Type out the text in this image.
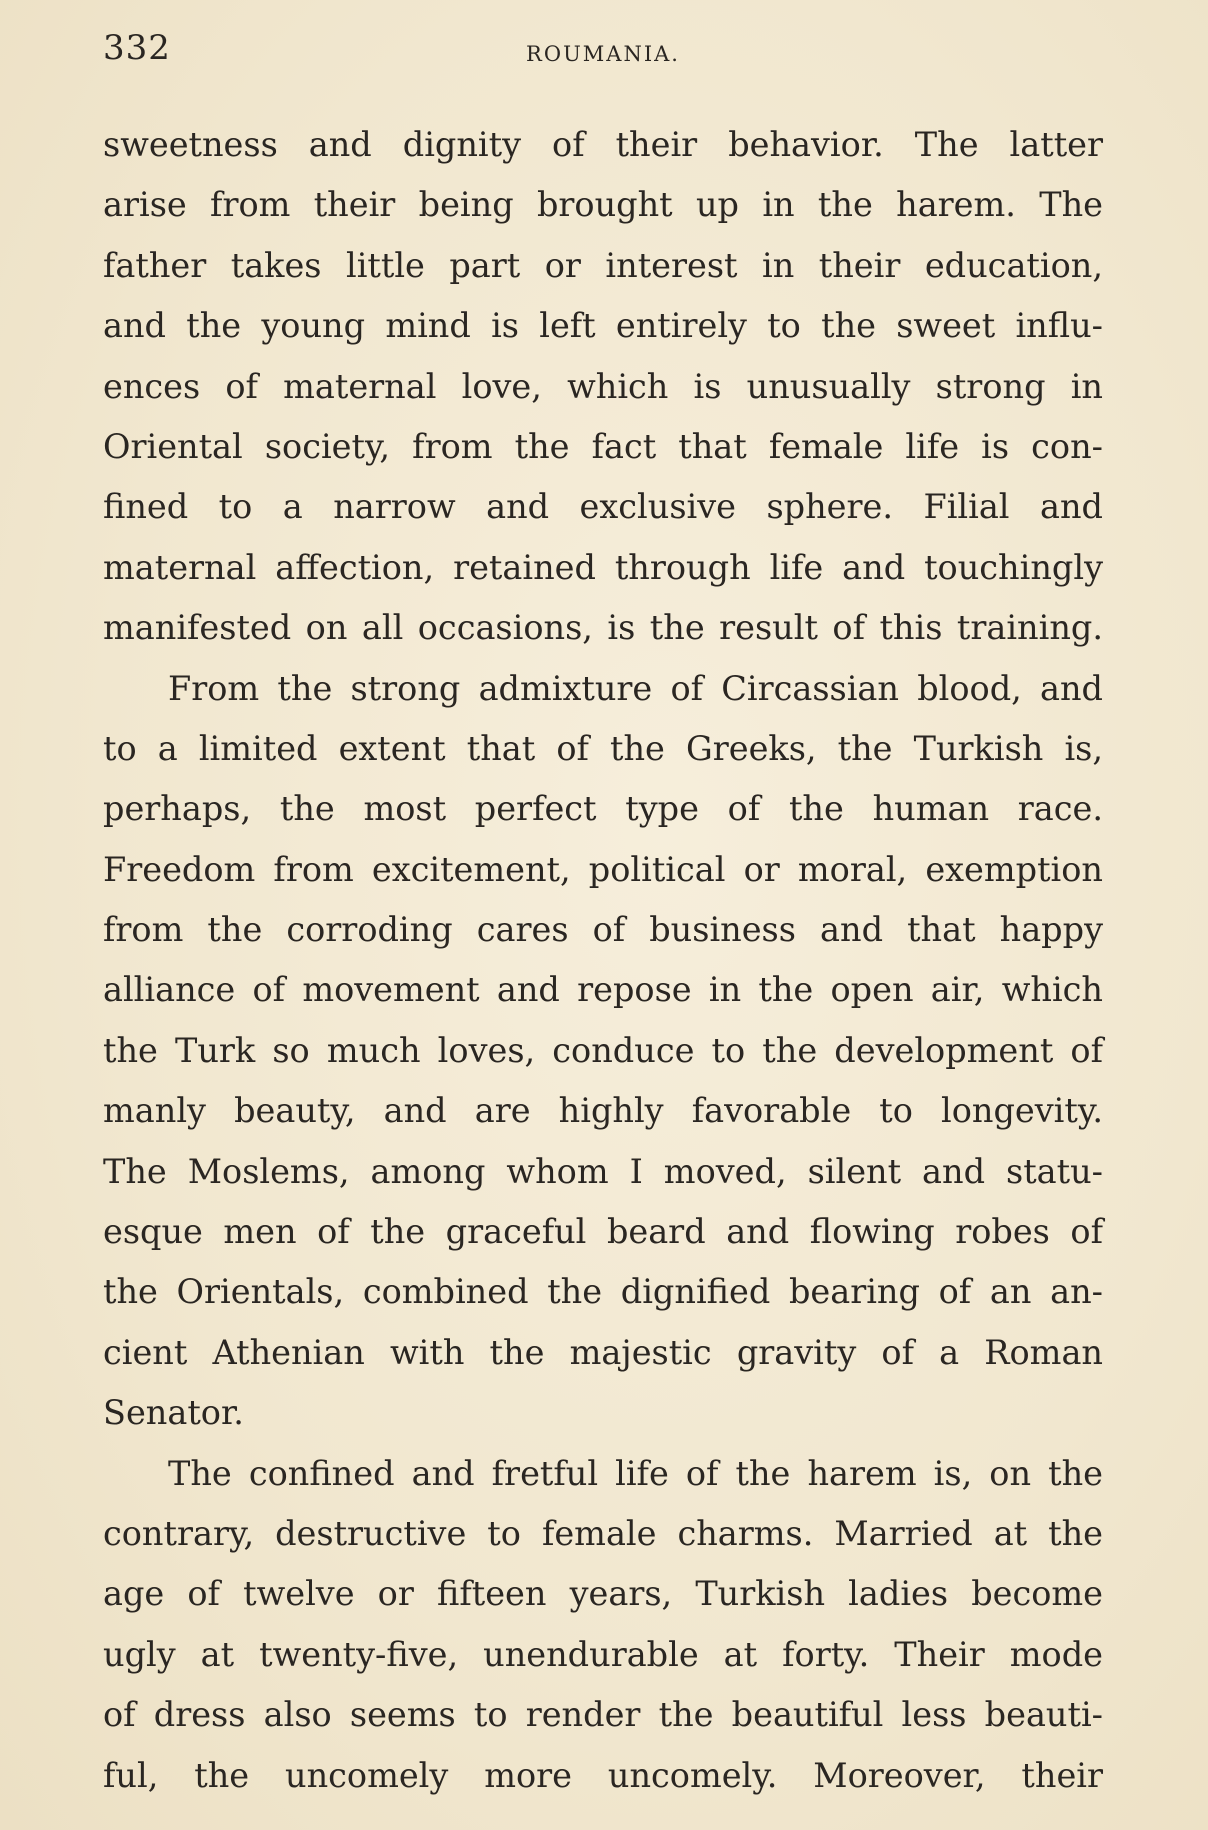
332	ROUMANIA.
sweetness and dignity of their behavior. The latter
arise from their being brought up in the harem. The
father takes little part or interest in their education,
and the young mind is left entirely to the sweet influ-
ences of maternal love, which is unusually strong in
Oriental society, from the fact that female life is con-
fined to a narrow and exclusive sphere. Filial and
maternal affection, retained through life and touchingly
manifested on all occasions, is the result of this training.
From the strong admixture of Circassian blood, and
to a limited extent that of the Greeks, the Turkish is,
perhaps, the most perfect type of the human race.
Freedom from excitement, political or moral, exemption
from the corroding cares of business and that happy
alliance of movement and repose in the open air, which
the Turk so much loves, conduce to the development of
manly beauty, and are highly favorable to longevity.
The Moslems, among whom I moved, silent and statu-
esque men of the graceful beard and flowing robes of
the Orientals, combined the dignified bearing of an an-
cient Athenian with the majestic gravity of a Roman
Senator.
The confined and fretful life of the harem is, on the
contrary, destructive to female charms. Married at the
age of twelve or fifteen years, Turkish ladies become
ugly at twenty-five, unendurable at forty. Their mode
of dress also seems to render the beautiful less beauti-
ful, the uncomely more uncomely. Moreover, their
